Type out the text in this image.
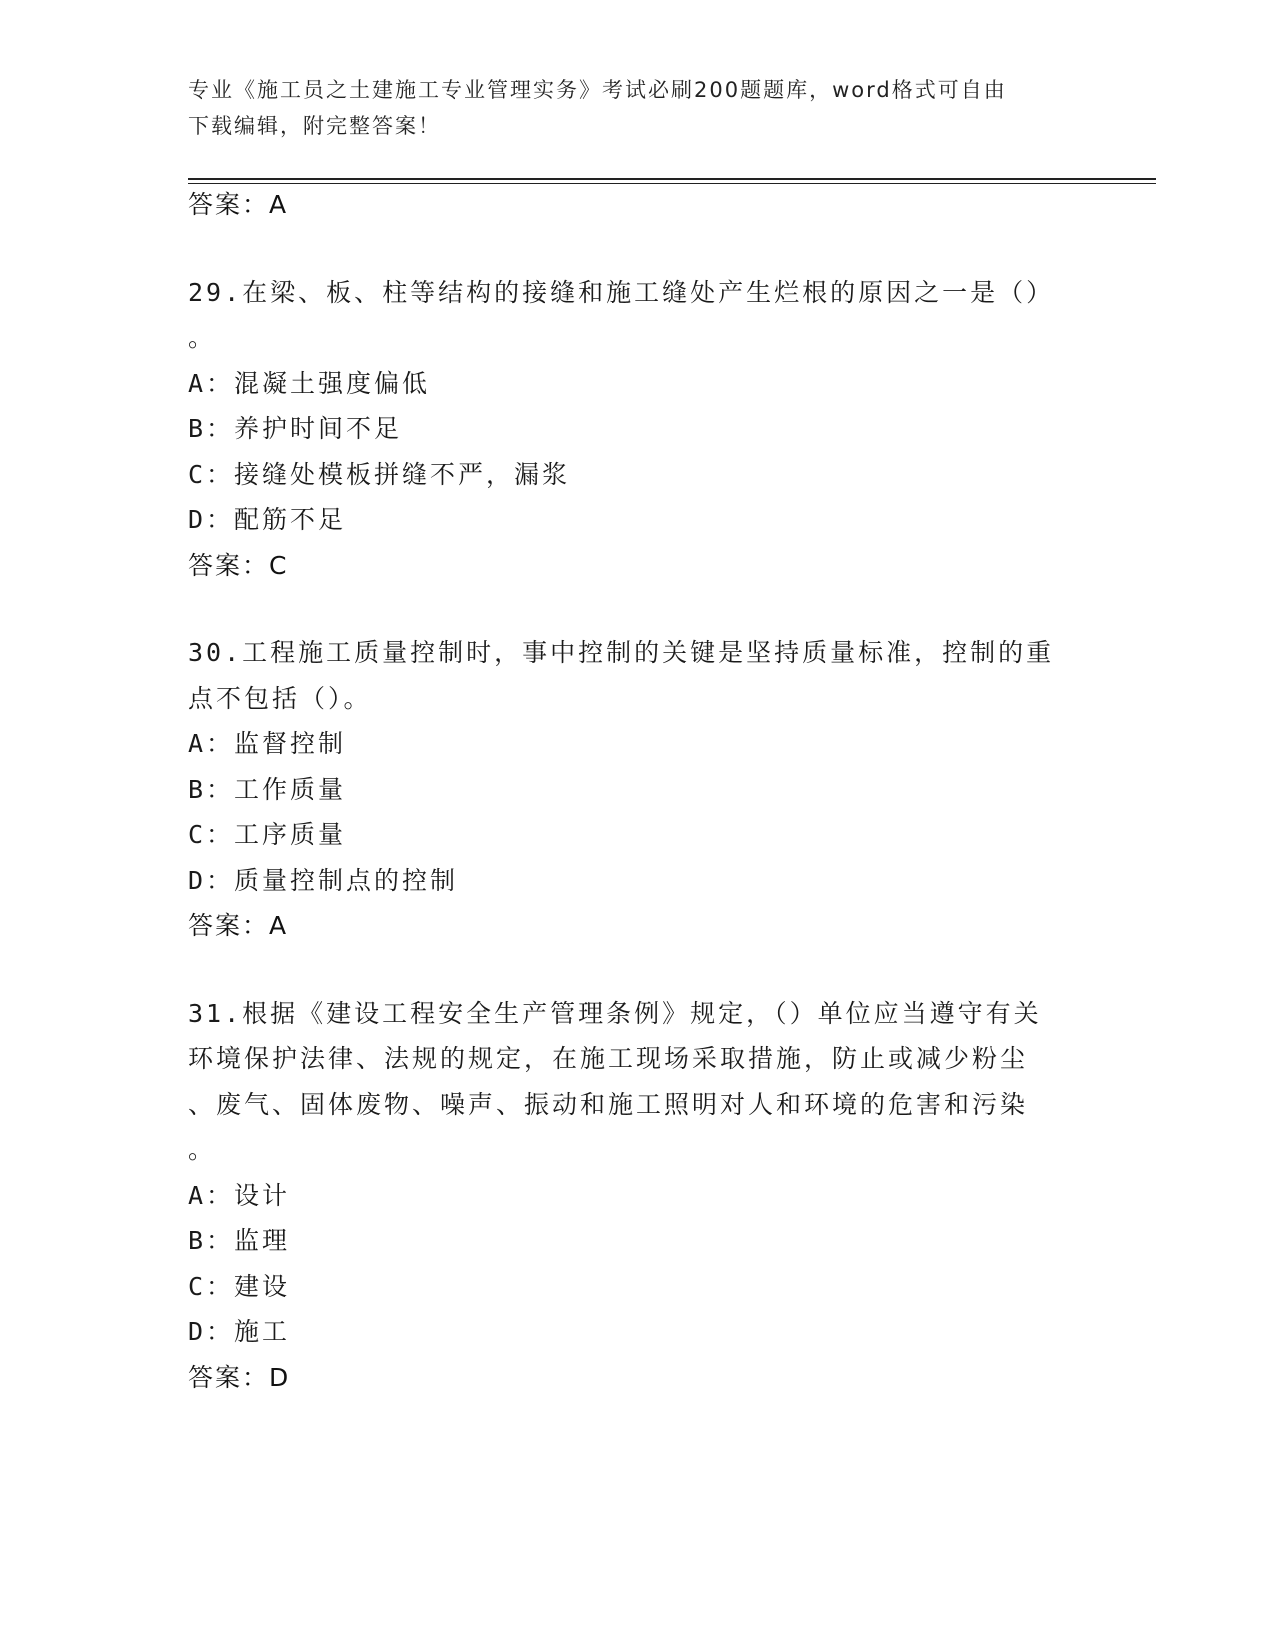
专业《施工员之土建施工专业管理实务》考试必刷200题题库，word格式可自由
下载编辑，附完整答案！
答案：A
29.在梁、板、柱等结构的接缝和施工缝处产生烂根的原因之一是（）
。
A：混凝土强度偏低
B：养护时间不足
C：接缝处模板拼缝不严，漏浆
D：配筋不足
答案：C
30.工程施工质量控制时，事中控制的关键是坚持质量标准，控制的重
点不包括（）。
A：监督控制
B：工作质量
C：工序质量
D：质量控制点的控制
答案：A
31.根据《建设工程安全生产管理条例》规定，（）单位应当遵守有关
环境保护法律、法规的规定，在施工现场采取措施，防止或减少粉尘
、废气、固体废物、噪声、振动和施工照明对人和环境的危害和污染
。
A：设计
B：监理
C：建设
D：施工
答案：D
